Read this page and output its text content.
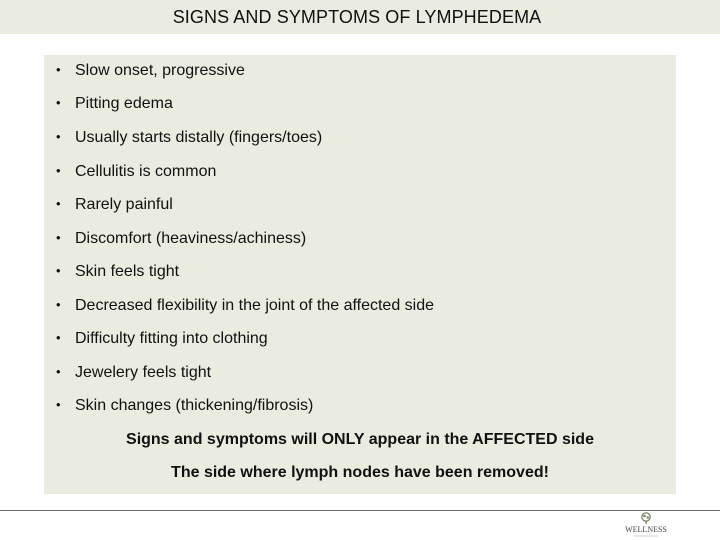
SIGNS AND SYMPTOMS OF LYMPHEDEMA
• Slow onset, progressive
• Pitting edema
• Usually starts distally (fingers/toes)
• Cellulitis is common
• Rarely painful
• Discomfort (heaviness/achiness)
• Skin feels tight
• Decreased flexibility in the joint of the affected side
• Difficulty fitting into clothing
• Jewelery feels tight
• Skin changes (thickening/fibrosis)
Signs and symptoms will ONLY appear in the AFFECTED side
The side where lymph nodes have been removed!
WELLNESS
